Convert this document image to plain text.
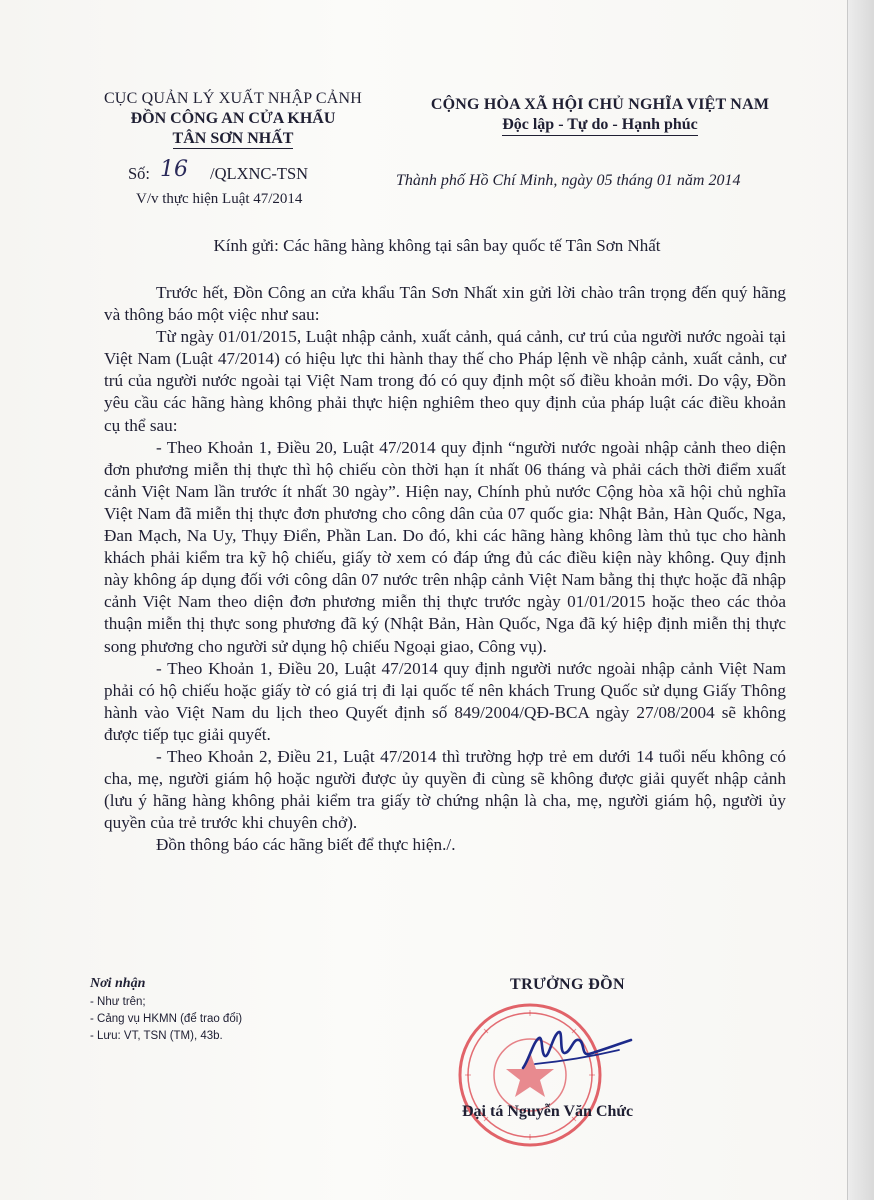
CỤC QUẢN LÝ XUẤT NHẬP CẢNH
ĐỒN CÔNG AN CỬA KHẨU
TÂN SƠN NHẤT
Số: 16 /QLXNC-TSN
V/v thực hiện Luật 47/2014
CỘNG HÒA XÃ HỘI CHỦ NGHĨA VIỆT NAM
Độc lập - Tự do - Hạnh phúc
Thành phố Hồ Chí Minh, ngày 05 tháng 01 năm 2014
Kính gửi: Các hãng hàng không tại sân bay quốc tế Tân Sơn Nhất

Trước hết, Đồn Công an cửa khẩu Tân Sơn Nhất xin gửi lời chào trân trọng đến quý hãng và thông báo một việc như sau:

Từ ngày 01/01/2015, Luật nhập cảnh, xuất cảnh, quá cảnh, cư trú của người nước ngoài tại Việt Nam (Luật 47/2014) có hiệu lực thi hành thay thế cho Pháp lệnh về nhập cảnh, xuất cảnh, cư trú của người nước ngoài tại Việt Nam trong đó có quy định một số điều khoản mới. Do vậy, Đồn yêu cầu các hãng hàng không phải thực hiện nghiêm theo quy định của pháp luật các điều khoản cụ thể sau:

- Theo Khoản 1, Điều 20, Luật 47/2014 quy định “người nước ngoài nhập cảnh theo diện đơn phương miễn thị thực thì hộ chiếu còn thời hạn ít nhất 06 tháng và phải cách thời điểm xuất cảnh Việt Nam lần trước ít nhất 30 ngày”. Hiện nay, Chính phủ nước Cộng hòa xã hội chủ nghĩa Việt Nam đã miễn thị thực đơn phương cho công dân của 07 quốc gia: Nhật Bản, Hàn Quốc, Nga, Đan Mạch, Na Uy, Thụy Điển, Phần Lan. Do đó, khi các hãng hàng không làm thủ tục cho hành khách phải kiểm tra kỹ hộ chiếu, giấy tờ xem có đáp ứng đủ các điều kiện này không. Quy định này không áp dụng đối với công dân 07 nước trên nhập cảnh Việt Nam bằng thị thực hoặc đã nhập cảnh Việt Nam theo diện đơn phương miễn thị thực trước ngày 01/01/2015 hoặc theo các thỏa thuận miễn thị thực song phương đã ký (Nhật Bản, Hàn Quốc, Nga đã ký hiệp định miễn thị thực song phương cho người sử dụng hộ chiếu Ngoại giao, Công vụ).

- Theo Khoản 1, Điều 20, Luật 47/2014 quy định người nước ngoài nhập cảnh Việt Nam phải có hộ chiếu hoặc giấy tờ có giá trị đi lại quốc tế nên khách Trung Quốc sử dụng Giấy Thông hành vào Việt Nam du lịch theo Quyết định số 849/2004/QĐ-BCA ngày 27/08/2004 sẽ không được tiếp tục giải quyết.

- Theo Khoản 2, Điều 21, Luật 47/2014 thì trường hợp trẻ em dưới 14 tuổi nếu không có cha, mẹ, người giám hộ hoặc người được ủy quyền đi cùng sẽ không được giải quyết nhập cảnh (lưu ý hãng hàng không phải kiểm tra giấy tờ chứng nhận là cha, mẹ, người giám hộ, người ủy quyền của trẻ trước khi chuyên chở).

Đồn thông báo các hãng biết để thực hiện./.

Nơi nhận
- Như trên;
- Cảng vụ HKMN (để trao đổi)
- Lưu: VT, TSN (TM), 43b.
TRƯỞNG ĐỒN
Đại tá Nguyễn Văn Chức
